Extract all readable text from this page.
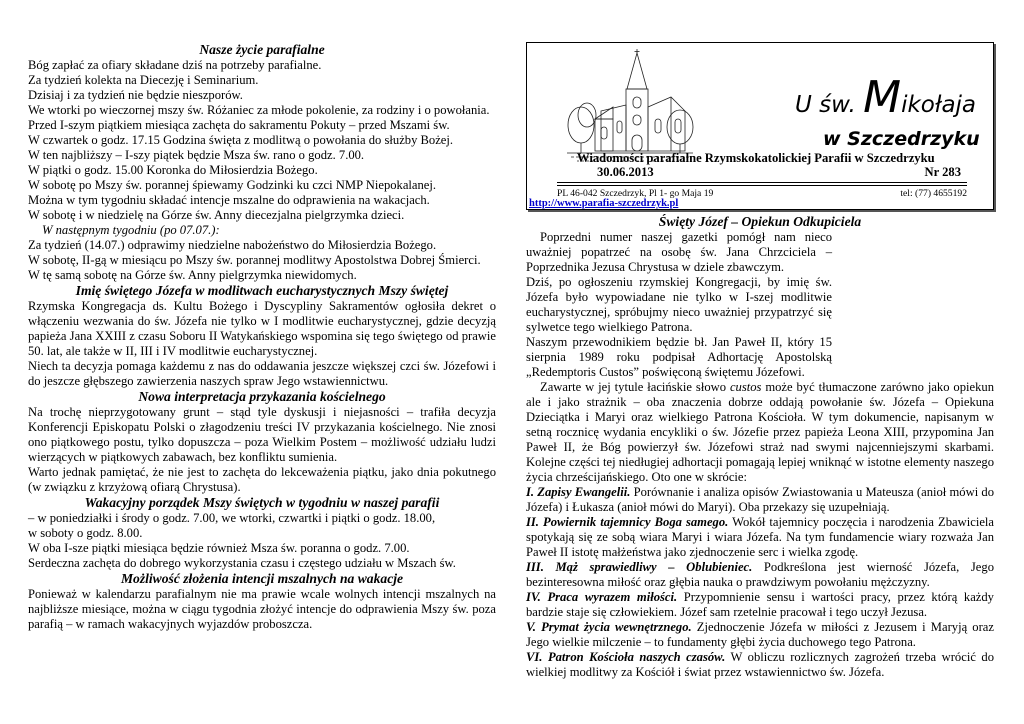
Nasze życie parafialne

Bóg zapłać za ofiary składane dziś na potrzeby parafialne.

Za tydzień kolekta na Diecezję i Seminarium.

Dzisiaj i za tydzień nie będzie nieszporów.

We wtorki po wieczornej mszy św. Różaniec za młode pokolenie, za rodziny i o powołania.

Przed I-szym piątkiem miesiąca zachęta do sakramentu Pokuty – przed Mszami św.

W czwartek o godz. 17.15 Godzina święta z modlitwą o powołania do służby Bożej.

W ten najbliższy – I-szy piątek będzie Msza św. rano o godz. 7.00.

W piątki o godz. 15.00 Koronka do Miłosierdzia Bożego.

W sobotę po Mszy św. porannej śpiewamy Godzinki ku czci NMP Niepokalanej.

Można w tym tygodniu składać intencje mszalne do odprawienia na wakacjach.

W sobotę i w niedzielę na Górze św. Anny diecezjalna pielgrzymka dzieci.

W następnym tygodniu (po 07.07.):

Za tydzień (14.07.) odprawimy niedzielne nabożeństwo do Miłosierdzia Bożego.

W sobotę, II-gą w miesiącu po Mszy św. porannej modlitwy Apostolstwa Dobrej Śmierci.

W tę samą sobotę na Górze św. Anny pielgrzymka niewidomych.

Imię świętego Józefa w modlitwach eucharystycznych Mszy świętej

Rzymska Kongregacja ds. Kultu Bożego i Dyscypliny Sakramentów ogłosiła dekret o włączeniu wezwania do św. Józefa nie tylko w I modlitwie eucharystycznej, gdzie decyzją papieża Jana XXIII z czasu Soboru II Watykańskiego wspomina się tego świętego od prawie 50. lat, ale także w II, III i IV modlitwie eucharystycznej.

Niech ta decyzja pomaga każdemu z nas do oddawania jeszcze większej czci św. Józefowi i do jeszcze głębszego zawierzenia naszych spraw Jego wstawiennictwu.

Nowa interpretacja przykazania kościelnego

Na trochę nieprzygotowany grunt – stąd tyle dyskusji i niejasności – trafiła decyzja Konferencji Episkopatu Polski o złagodzeniu treści IV przykazania kościelnego. Nie znosi ono piątkowego postu, tylko dopuszcza – poza Wielkim Postem – możliwość udziału ludzi wierzących w piątkowych zabawach, bez konfliktu sumienia.

Warto jednak pamiętać, że nie jest to zachęta do lekceważenia piątku, jako dnia pokutnego (w związku z krzyżową ofiarą Chrystusa).

Wakacyjny porządek Mszy świętych w tygodniu w naszej parafii

– w poniedziałki i środy o godz. 7.00, we wtorki, czwartki i piątki o godz. 18.00,

w soboty o godz. 8.00.

W oba I-sze piątki miesiąca będzie również Msza św. poranna o godz. 7.00.

Serdeczna zachęta do dobrego wykorzystania czasu i częstego udziału w Mszach św.

Możliwość złożenia intencji mszalnych na wakacje

Ponieważ w kalendarzu parafialnym nie ma prawie wcale wolnych intencji mszalnych na najbliższe miesiące, można w ciągu tygodnia złożyć intencje do odprawienia Mszy św. poza parafią – w ramach wakacyjnych wyjazdów proboszcza.

U św. Mikołaja
w Szczedrzyku
Wiadomości parafialne Rzymskokatolickiej Parafii w Szczedrzyku
30.06.2013	Nr 283
PL 46-042 Szczedrzyk, Pl 1- go Maja 19	tel: (77) 4655192
http://www.parafia-szczedrzyk.pl
Święty Józef – Opiekun Odkupiciela

Poprzedni numer naszej gazetki pomógł nam nieco uważniej popatrzeć na osobę św. Jana Chrzciciela – Poprzednika Jezusa Chrystusa w dziele zbawczym.

Dziś, po ogłoszeniu rzymskiej Kongregacji, by imię św. Józefa było wypowiadane nie tylko w I-szej modlitwie eucharystycznej, spróbujmy nieco uważniej przypatrzyć się sylwetce tego wielkiego Patrona.

Naszym przewodnikiem będzie bł. Jan Paweł II, który 15 sierpnia 1989 roku podpisał Adhortację Apostolską „Redemptoris Custos” poświęconą świętemu Józefowi.

Zawarte w jej tytule łacińskie słowo custos może być tłumaczone zarówno jako opiekun ale i jako strażnik – oba znaczenia dobrze oddają powołanie św. Józefa – Opiekuna Dzieciątka i Maryi oraz wielkiego Patrona Kościoła. W tym dokumencie, napisanym w setną rocznicę wydania encykliki o św. Józefie przez papieża Leona XIII, przypomina Jan Paweł II, że Bóg powierzył św. Józefowi straż nad swymi najcenniejszymi skarbami. Kolejne części tej niedługiej adhortacji pomagają lepiej wniknąć w istotne elementy naszego życia chrześcijańskiego. Oto one w skrócie:

I. Zapisy Ewangelii. Porównanie i analiza opisów Zwiastowania u Mateusza (anioł mówi do Józefa) i Łukasza (anioł mówi do Maryi). Oba przekazy się uzupełniają.

II. Powiernik tajemnicy Boga samego. Wokół tajemnicy poczęcia i narodzenia Zbawiciela spotykają się ze sobą wiara Maryi i wiara Józefa. Na tym fundamencie wiary rozważa Jan Paweł II istotę małżeństwa jako zjednoczenie serc i wielka zgodę.

III. Mąż sprawiedliwy – Oblubieniec. Podkreślona jest wierność Józefa, Jego bezinteresowna miłość oraz głębia nauka o prawdziwym powołaniu mężczyzny.

IV. Praca wyrazem miłości. Przypomnienie sensu i wartości pracy, przez którą każdy bardzie staje się człowiekiem. Józef sam rzetelnie pracował i tego uczył Jezusa.

V. Prymat życia wewnętrznego. Zjednoczenie Józefa w miłości z Jezusem i Maryją oraz Jego wielkie milczenie – to fundamenty głębi życia duchowego tego Patrona.

VI. Patron Kościoła naszych czasów. W obliczu rozlicznych zagrożeń trzeba wrócić do wielkiej modlitwy za Kościół i świat przez wstawiennictwo św. Józefa.
